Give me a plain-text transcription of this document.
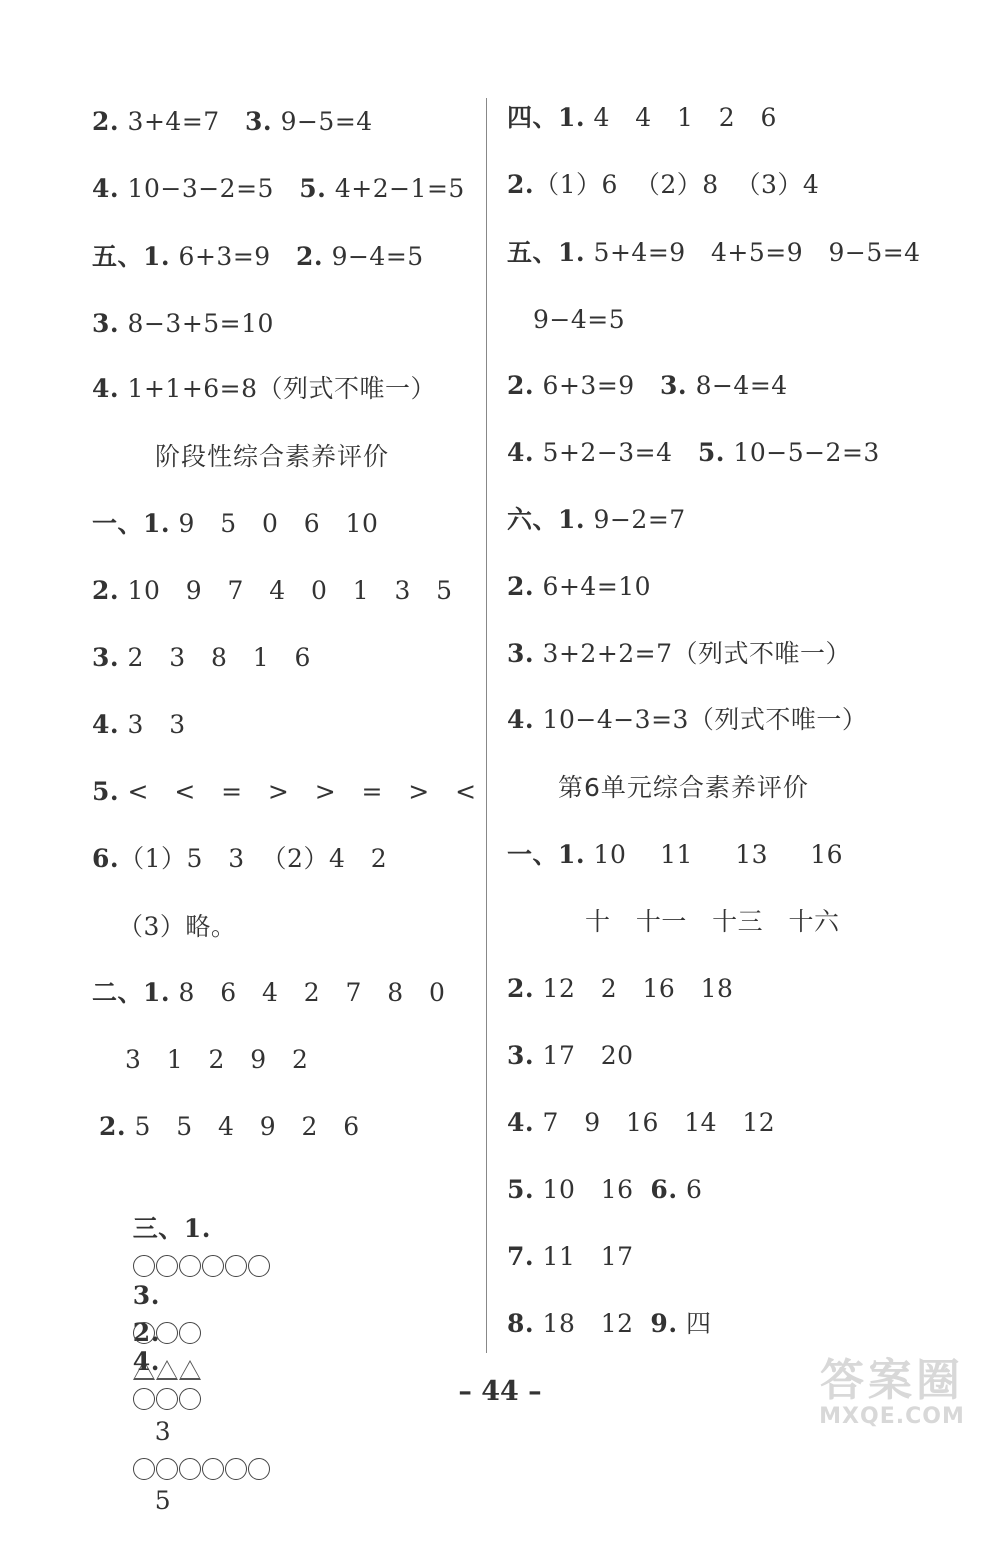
2. 3+4=7   3. 9−5=4
4. 10−3−2=5   5. 4+2−1=5
五、1. 6+3=9   2. 9−4=5
3. 8−3+5=10
4. 1+1+6=8（列式不唯一）
阶段性综合素养评价
一、1. 9   5   0   6   10
2. 10   9   7   4   0   1   3   5
3. 2   3   8   1   6
4. 3   3
5. <   <   =   >   >   =   >   <
6.（1）5   3  （2）4   2
（3）略。
二、1. 8   6   4   2   7   8   0
3   1   2   9   2
2. 5   5   4   9   2   6

三、1.

2.

3.

4.

3

5

四、1. 4   4   1   2   6
2.（1）6  （2）8  （3）4
五、1. 5+4=9   4+5=9   9−5=4
9−4=5
2. 6+3=9   3. 8−4=4
4. 5+2−3=4   5. 10−5−2=3
六、1. 9−2=7
2. 6+4=10
3. 3+2+2=7（列式不唯一）
4. 10−4−3=3（列式不唯一）
第6单元综合素养评价
一、1. 10    11     13     16
十   十一   十三   十六
2. 12   2   16   18
3. 17   20
4. 7   9   16   14   12
5. 10   16  6. 6
7. 11   17
8. 18   12  9. 四
– 44 –	答案圈
MXQE.COM
